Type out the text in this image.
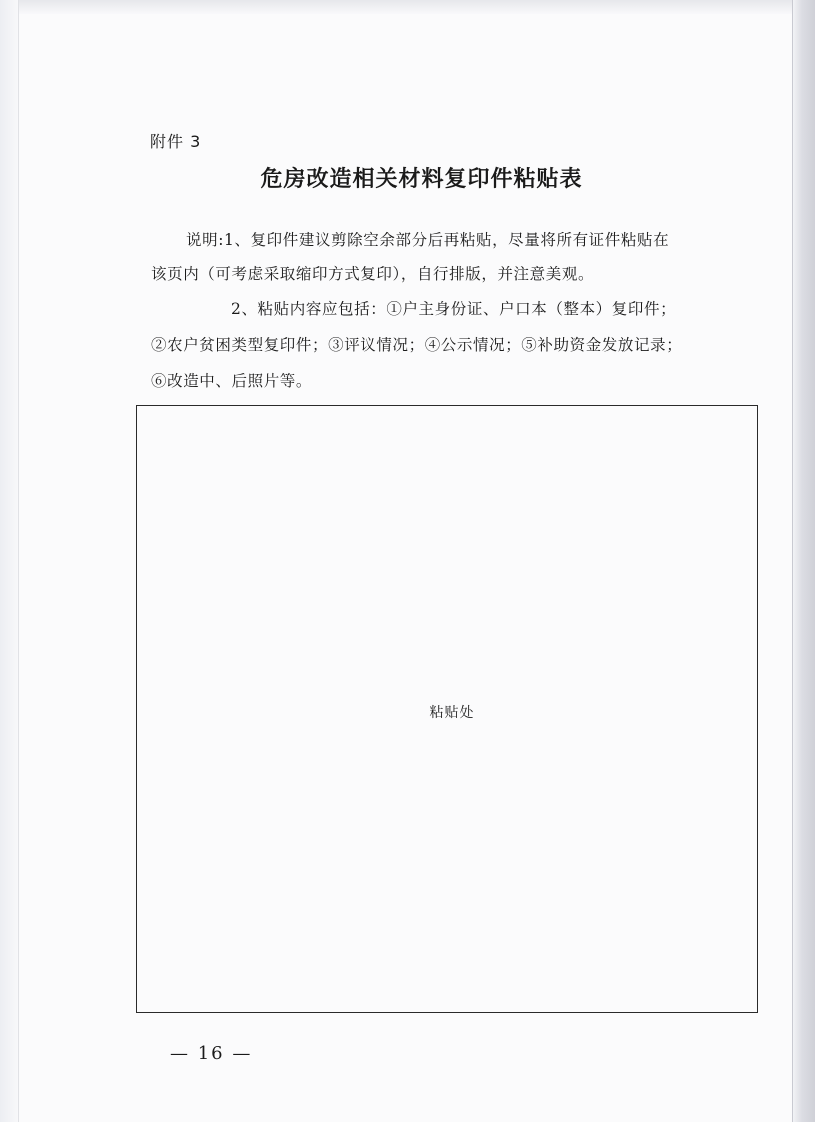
附件 3
危房改造相关材料复印件粘贴表
说明:1、复印件建议剪除空余部分后再粘贴，尽量将所有证件粘贴在
该页内（可考虑采取缩印方式复印），自行排版，并注意美观。
2、粘贴内容应包括：①户主身份证、户口本（整本）复印件；
②农户贫困类型复印件；③评议情况；④公示情况；⑤补助资金发放记录；
⑥改造中、后照片等。
粘贴处
— 16 —
